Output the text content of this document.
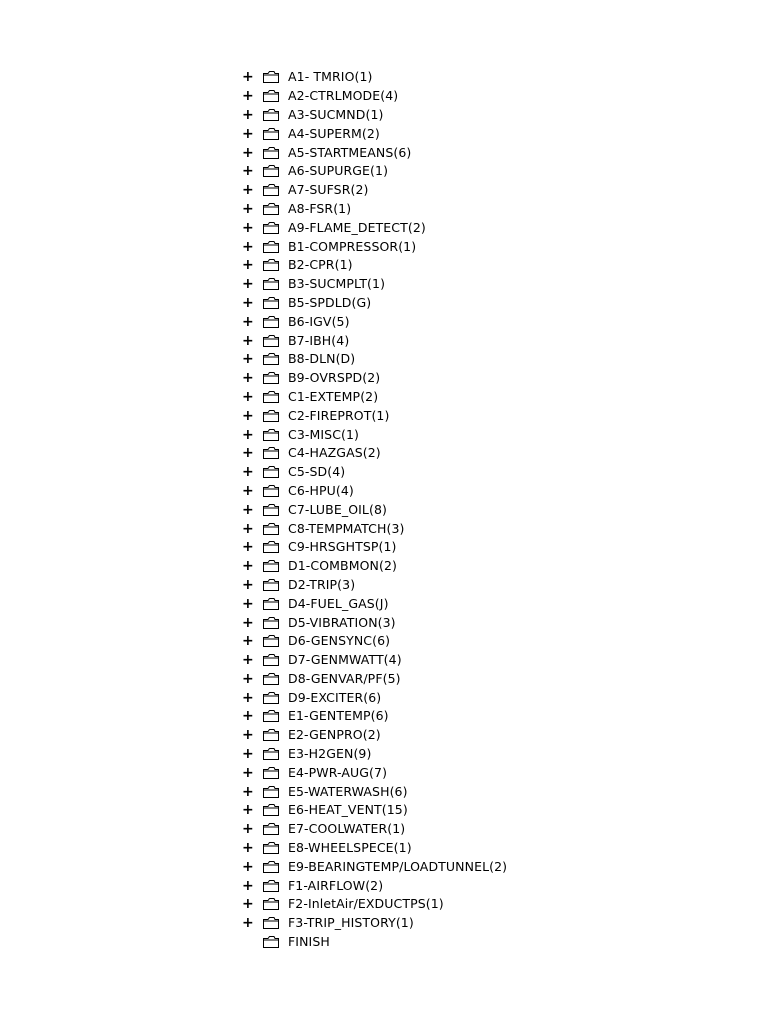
+	A1- TMRIO(1)
+	A2-CTRLMODE(4)
+	A3-SUCMND(1)
+	A4-SUPERM(2)
+	A5-STARTMEANS(6)
+	A6-SUPURGE(1)
+	A7-SUFSR(2)
+	A8-FSR(1)
+	A9-FLAME_DETECT(2)
+	B1-COMPRESSOR(1)
+	B2-CPR(1)
+	B3-SUCMPLT(1)
+	B5-SPDLD(G)
+	B6-IGV(5)
+	B7-IBH(4)
+	B8-DLN(D)
+	B9-OVRSPD(2)
+	C1-EXTEMP(2)
+	C2-FIREPROT(1)
+	C3-MISC(1)
+	C4-HAZGAS(2)
+	C5-SD(4)
+	C6-HPU(4)
+	C7-LUBE_OIL(8)
+	C8-TEMPMATCH(3)
+	C9-HRSGHTSP(1)
+	D1-COMBMON(2)
+	D2-TRIP(3)
+	D4-FUEL_GAS(J)
+	D5-VIBRATION(3)
+	D6-GENSYNC(6)
+	D7-GENMWATT(4)
+	D8-GENVAR/PF(5)
+	D9-EXCITER(6)
+	E1-GENTEMP(6)
+	E2-GENPRO(2)
+	E3-H2GEN(9)
+	E4-PWR-AUG(7)
+	E5-WATERWASH(6)
+	E6-HEAT_VENT(15)
+	E7-COOLWATER(1)
+	E8-WHEELSPECE(1)
+	E9-BEARINGTEMP/LOADTUNNEL(2)
+	F1-AIRFLOW(2)
+	F2-InletAir/EXDUCTPS(1)
+	F3-TRIP_HISTORY(1)
FINISH
